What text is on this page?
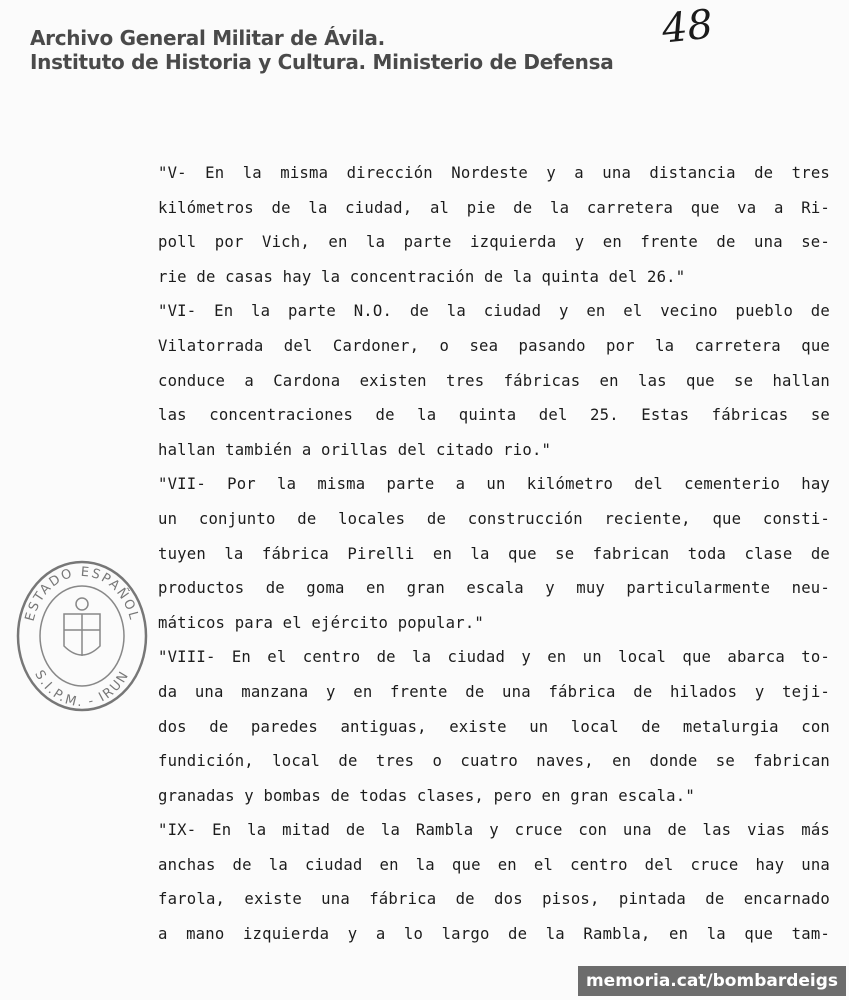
Archivo General Militar de Ávila.
Instituto de Historia y Cultura. Ministerio de Defensa
48
"V- En la misma dirección Nordeste y a una distancia de tres
kilómetros de la ciudad, al pie de la carretera que va a Ri-
poll por Vich, en la parte izquierda y en frente de una se-
rie de casas hay la concentración de la quinta del 26."
"VI- En la parte N.O. de la ciudad y en el vecino pueblo de
Vilatorrada del Cardoner, o sea pasando por la carretera que
conduce a Cardona existen tres fábricas en las que se hallan
las concentraciones de la quinta del 25. Estas fábricas se
hallan también a orillas del citado rio."
"VII- Por la misma parte a un kilómetro del cementerio hay
un conjunto de locales de construcción reciente, que consti-
tuyen la fábrica Pirelli en la que se fabrican toda clase de
productos de goma en gran escala y muy particularmente neu-
máticos para el ejército popular."
"VIII- En el centro de la ciudad y en un local que abarca to-
da una manzana y en frente de una fábrica de hilados y teji-
dos de paredes antiguas, existe un local de metalurgia con
fundición, local de tres o cuatro naves, en donde se fabrican
granadas y bombas de todas clases, pero en gran escala."
"IX- En la mitad de la Rambla y cruce con una de las vias más
anchas de la ciudad en la que en el centro del cruce hay una
farola, existe una fábrica de dos pisos, pintada de encarnado
a mano izquierda y a lo largo de la Rambla, en la que tam-
ESTADO ESPAÑOL
S.I.P.M. - IRUN
memoria.cat/bombardeigs
